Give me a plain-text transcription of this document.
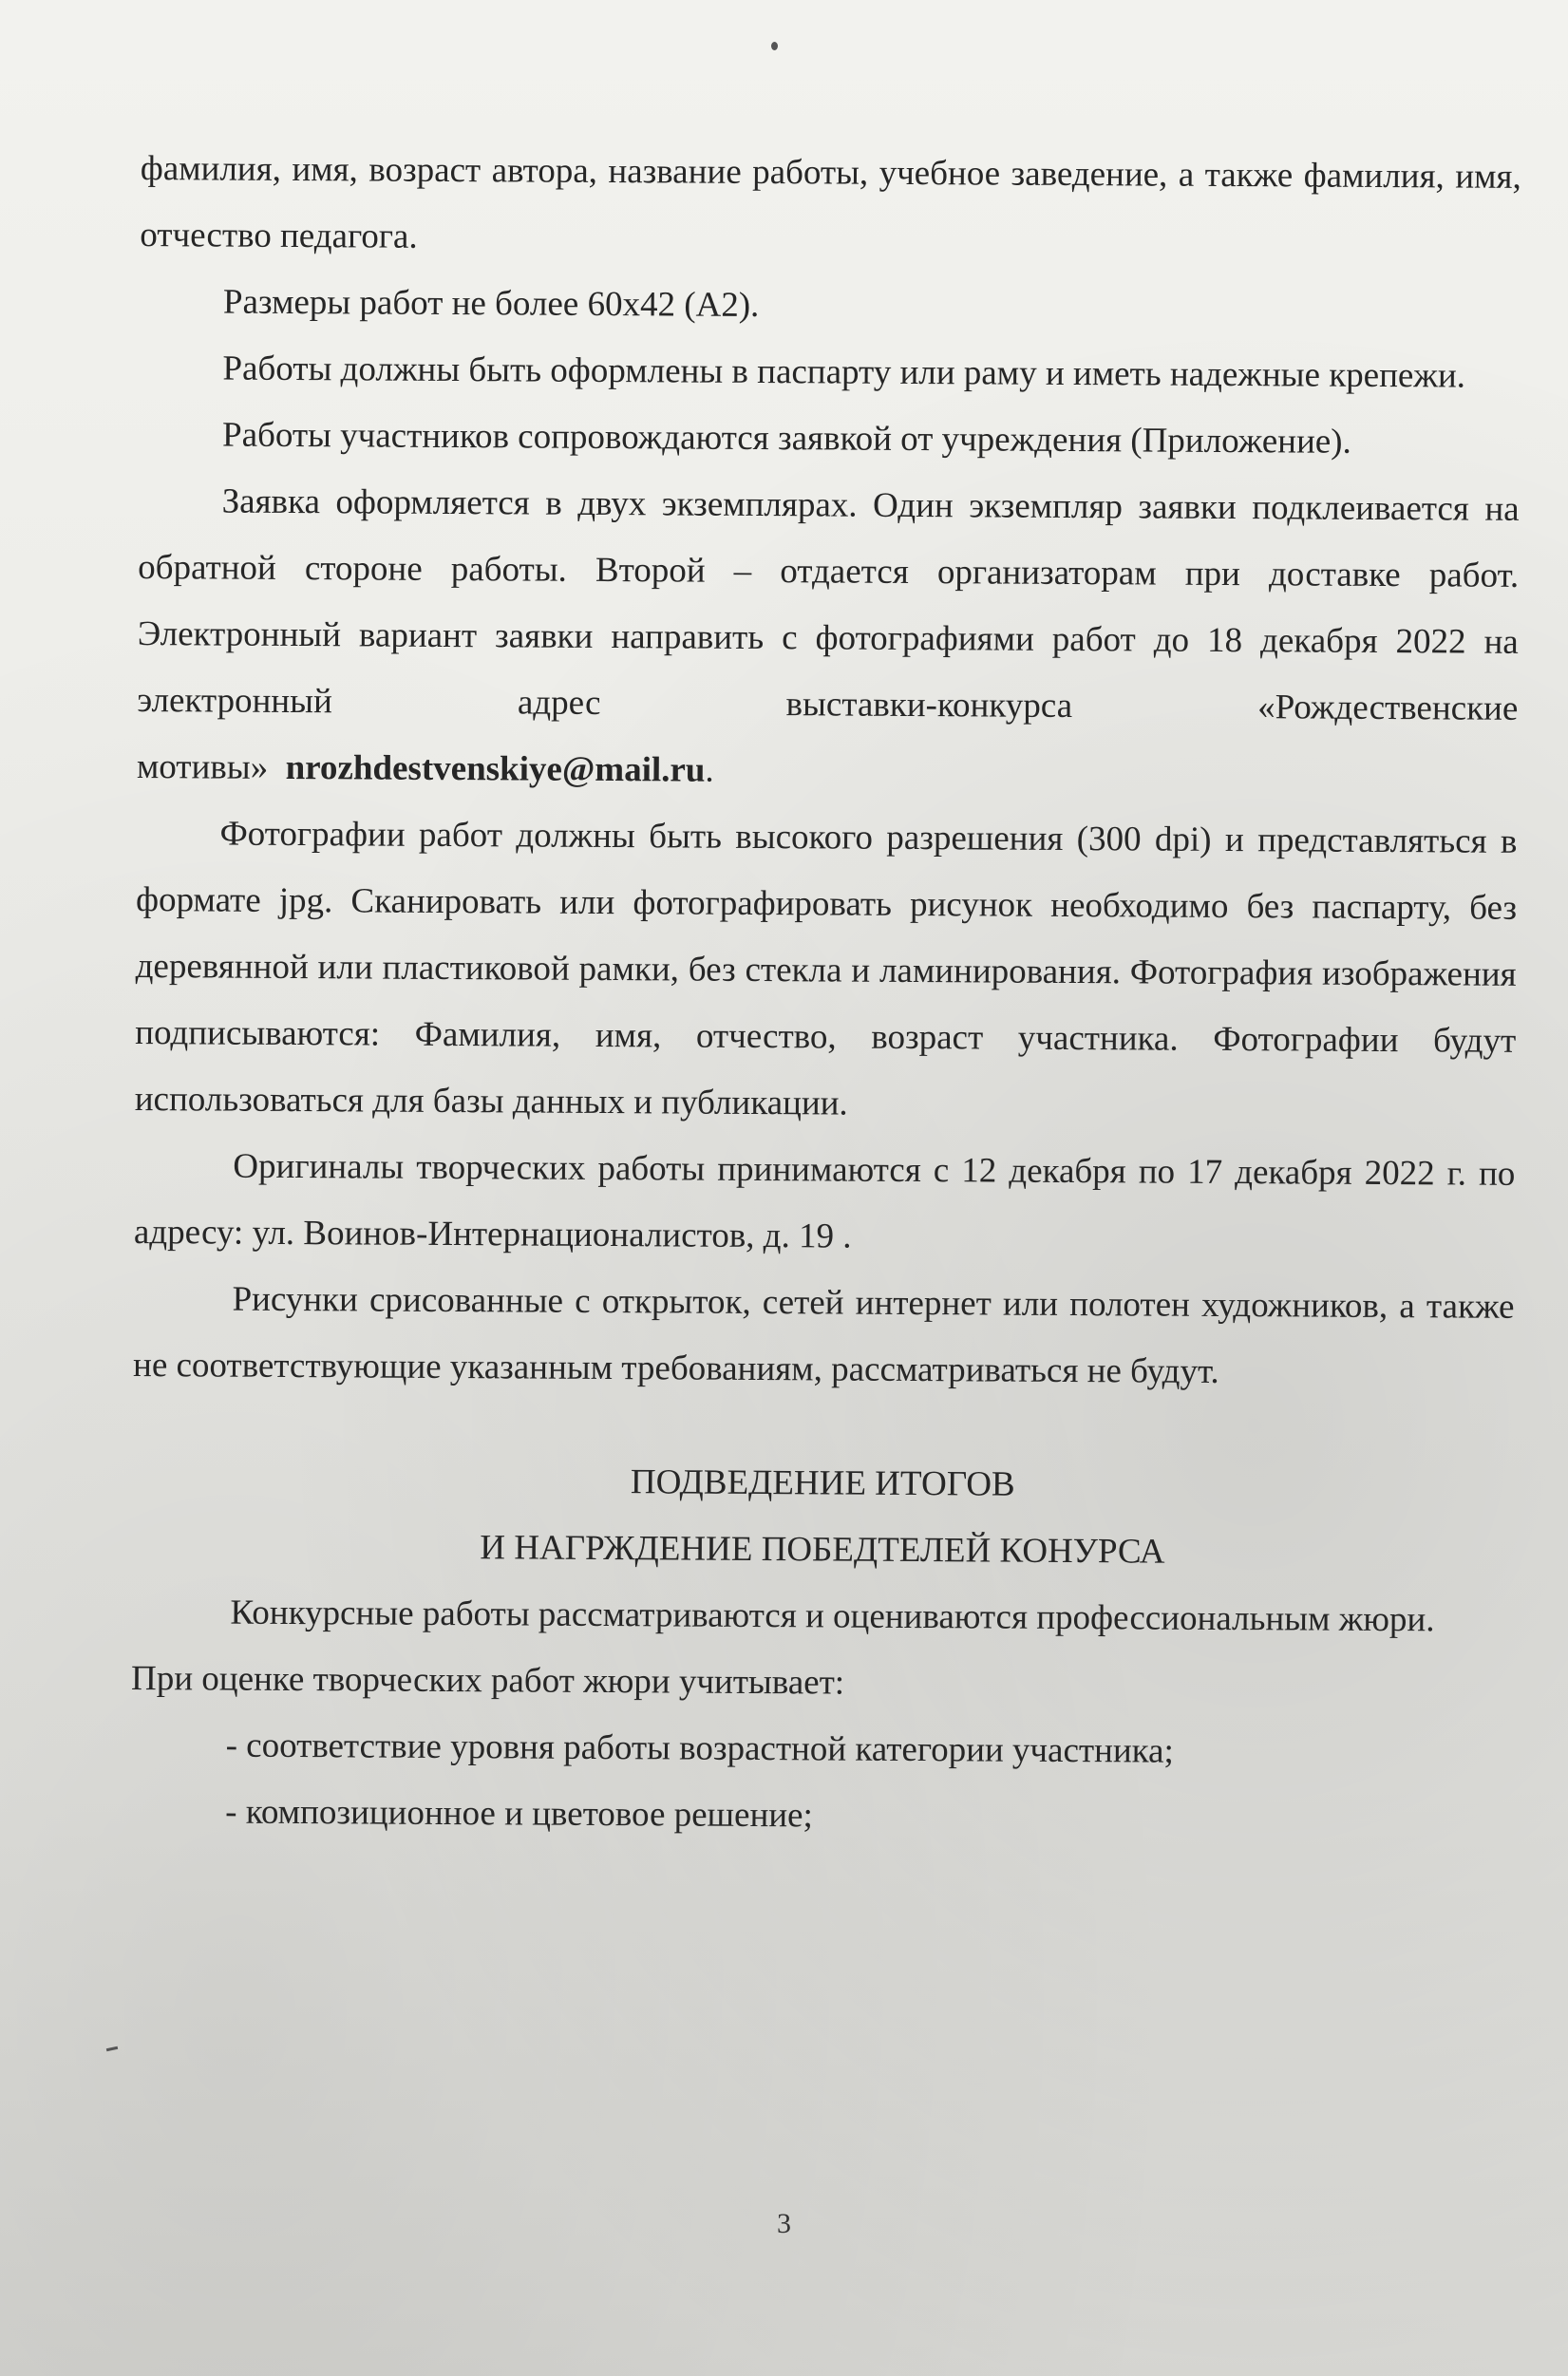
фамилия, имя, возраст автора, название работы, учебное заведение, а также фамилия, имя, отчество педагога.

Размеры работ не более 60х42 (А2).

Работы должны быть оформлены в паспарту или раму и иметь надежные крепежи.

Работы участников сопровождаются заявкой от учреждения (Приложение).

Заявка оформляется в двух экземплярах. Один экземпляр заявки подклеивается на обратной стороне работы. Второй – отдается организаторам при доставке работ. Электронный вариант заявки направить с фотографиями работ до 18 декабря 2022 на электронный адрес выставки-конкурса «Рождественские мотивы» nrozhdestvenskiye@mail.ru.

Фотографии работ должны быть высокого разрешения (300 dpi) и представляться в формате jpg. Сканировать или фотографировать рисунок необходимо без паспарту, без деревянной или пластиковой рамки, без стекла и ламинирования. Фотография изображения подписываются: Фамилия, имя, отчество, возраст участника. Фотографии будут использоваться для базы данных и публикации.

Оригиналы творческих работы принимаются с 12 декабря по 17 декабря 2022 г. по адресу: ул. Воинов-Интернационалистов, д. 19 .

Рисунки срисованные с открыток, сетей интернет или полотен художников, а также не соответствующие указанным требованиям, рассматриваться не будут.

ПОДВЕДЕНИЕ ИТОГОВ

И НАГРЖДЕНИЕ ПОБЕДТЕЛЕЙ КОНУРСА

Конкурсные работы рассматриваются и оцениваются профессиональным жюри.

При оценке творческих работ жюри учитывает:

- соответствие уровня работы возрастной категории участника;

- композиционное и цветовое решение;

3
